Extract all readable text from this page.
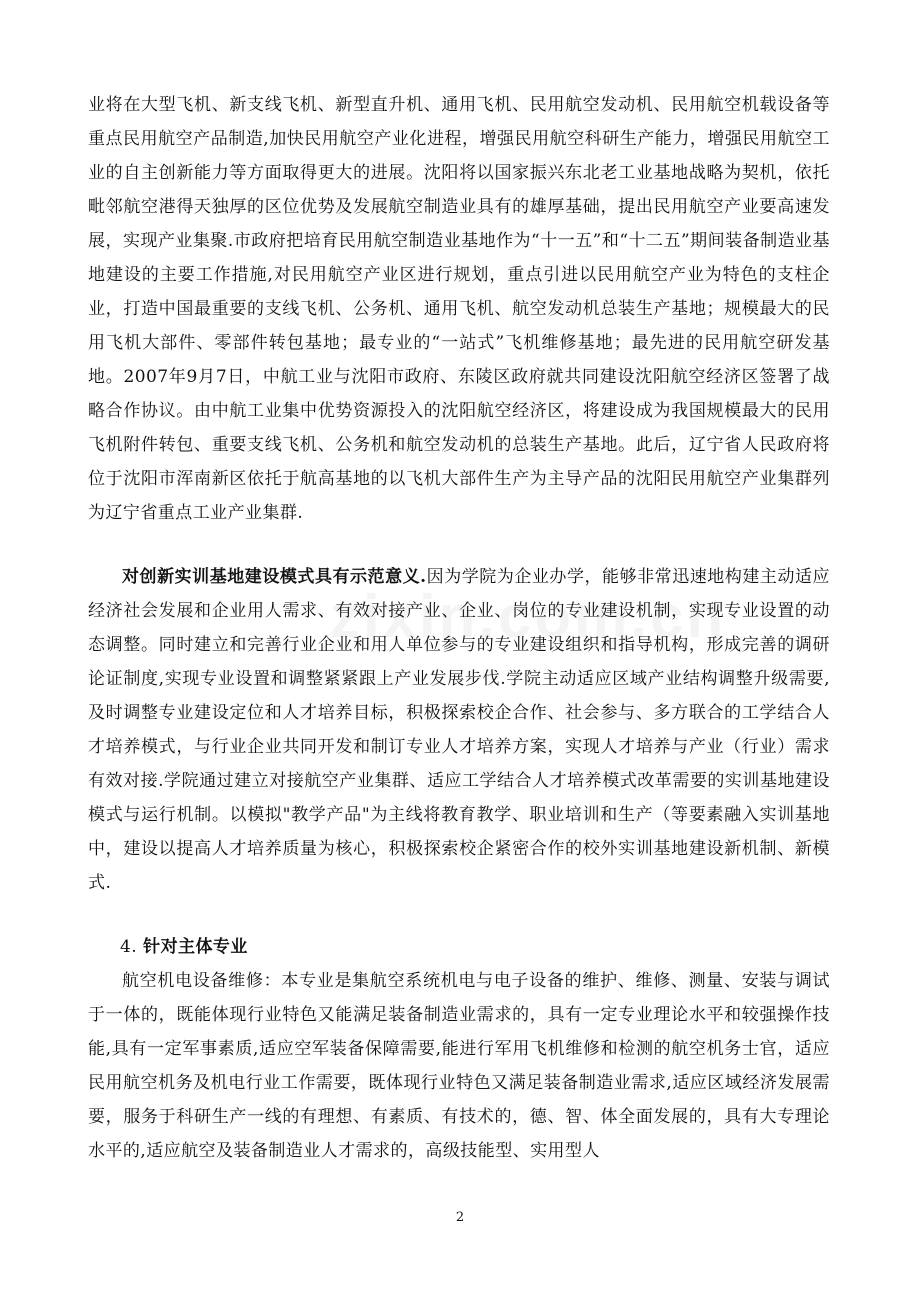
业将在大型飞机、新支线飞机、新型直升机、通用飞机、民用航空发动机、民用航空机载设备等重点民用航空产品制造,加快民用航空产业化进程，增强民用航空科研生产能力，增强民用航空工业的自主创新能力等方面取得更大的进展。沈阳将以国家振兴东北老工业基地战略为契机，依托毗邻航空港得天独厚的区位优势及发展航空制造业具有的雄厚基础，提出民用航空产业要高速发展，实现产业集聚.市政府把培育民用航空制造业基地作为“十一五”和“十二五”期间装备制造业基地建设的主要工作措施,对民用航空产业区进行规划，重点引进以民用航空产业为特色的支柱企业，打造中国最重要的支线飞机、公务机、通用飞机、航空发动机总装生产基地；规模最大的民用飞机大部件、零部件转包基地；最专业的“一站式”飞机维修基地；最先进的民用航空研发基地。2007年9月7日，中航工业与沈阳市政府、东陵区政府就共同建设沈阳航空经济区签署了战略合作协议。由中航工业集中优势资源投入的沈阳航空经济区，将建设成为我国规模最大的民用飞机附件转包、重要支线飞机、公务机和航空发动机的总装生产基地。此后，辽宁省人民政府将位于沈阳市浑南新区依托于航高基地的以飞机大部件生产为主导产品的沈阳民用航空产业集群列为辽宁省重点工业产业集群.

对创新实训基地建设模式具有示范意义.因为学院为企业办学，能够非常迅速地构建主动适应经济社会发展和企业用人需求、有效对接产业、企业、岗位的专业建设机制，实现专业设置的动态调整。同时建立和完善行业企业和用人单位参与的专业建设组织和指导机构，形成完善的调研论证制度,实现专业设置和调整紧紧跟上产业发展步伐.学院主动适应区域产业结构调整升级需要,及时调整专业建设定位和人才培养目标，积极探索校企合作、社会参与、多方联合的工学结合人才培养模式，与行业企业共同开发和制订专业人才培养方案，实现人才培养与产业（行业）需求有效对接.学院通过建立对接航空产业集群、适应工学结合人才培养模式改革需要的实训基地建设模式与运行机制。以模拟"教学产品"为主线将教育教学、职业培训和生产（等要素融入实训基地中，建设以提高人才培养质量为核心，积极探索校企紧密合作的校外实训基地建设新机制、新模式.

4. 针对主体专业

航空机电设备维修：本专业是集航空系统机电与电子设备的维护、维修、测量、安装与调试于一体的，既能体现行业特色又能满足装备制造业需求的，具有一定专业理论水平和较强操作技能,具有一定军事素质,适应空军装备保障需要,能进行军用飞机维修和检测的航空机务士官，适应民用航空机务及机电行业工作需要，既体现行业特色又满足装备制造业需求,适应区域经济发展需要，服务于科研生产一线的有理想、有素质、有技术的，德、智、体全面发展的，具有大专理论水平的,适应航空及装备制造业人才需求的，高级技能型、实用型人

2
